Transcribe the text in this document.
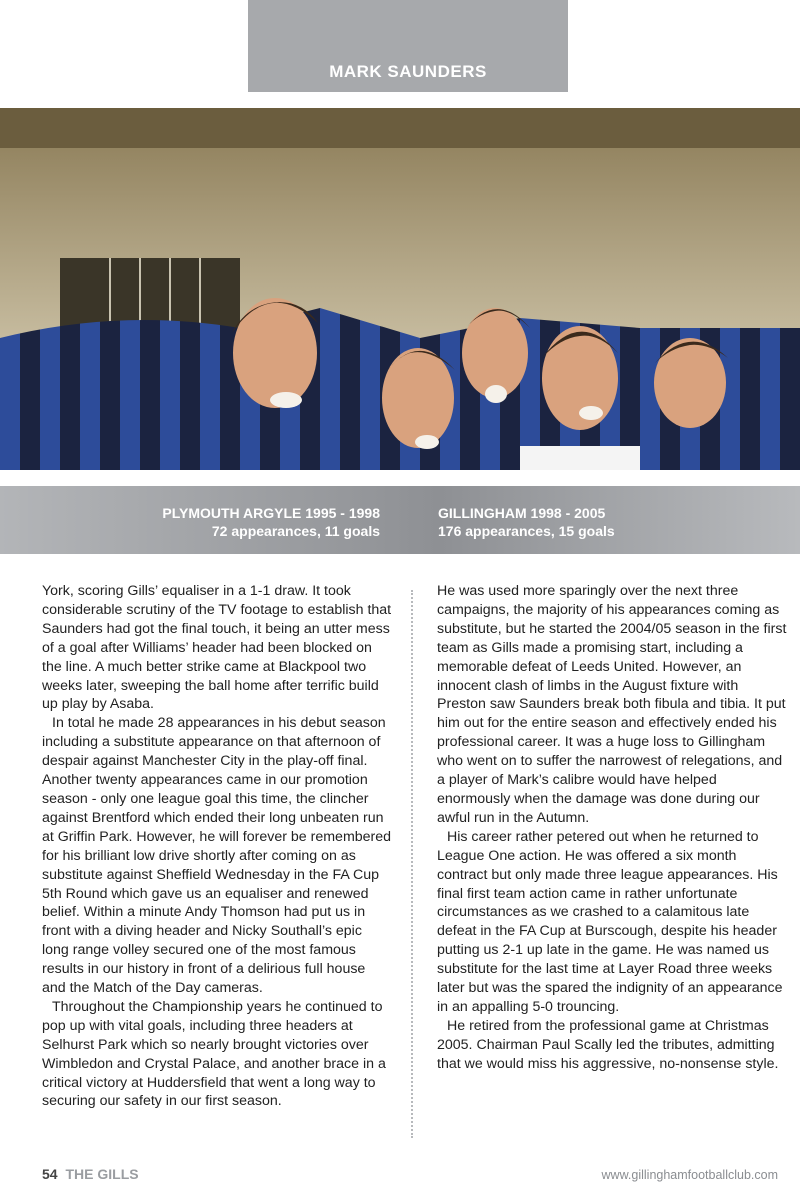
MARK SAUNDERS
PLYMOUTH ARGYLE 1995 - 1998
72 appearances, 11 goals
GILLINGHAM 1998 - 2005
176 appearances, 15 goals

York, scoring Gills’ equaliser in a 1-1 draw. It took considerable scrutiny of the TV footage to establish that Saunders had got the final touch, it being an utter mess of a goal after Williams’ header had been blocked on the line. A much better strike came at Blackpool two weeks later, sweeping the ball home after terrific build up play by Asaba.

In total he made 28 appearances in his debut season including a substitute appearance on that afternoon of despair against Manchester City in the play-off final. Another twenty appearances came in our promotion season - only one league goal this time, the clincher against Brentford which ended their long unbeaten run at Griffin Park. However, he will forever be remembered for his brilliant low drive shortly after coming on as substitute against Sheffield Wednesday in the FA Cup 5th Round which gave us an equaliser and renewed belief. Within a minute Andy Thomson had put us in front with a diving header and Nicky Southall’s epic long range volley secured one of the most famous results in our history in front of a delirious full house and the Match of the Day cameras.

Throughout the Championship years he continued to pop up with vital goals, including three headers at Selhurst Park which so nearly brought victories over Wimbledon and Crystal Palace, and another brace in a critical victory at Huddersfield that went a long way to securing our safety in our first season.

He was used more sparingly over the next three campaigns, the majority of his appearances coming as substitute, but he started the 2004/05 season in the first team as Gills made a promising start, including a memorable defeat of Leeds United. However, an innocent clash of limbs in the August fixture with Preston saw Saunders break both fibula and tibia. It put him out for the entire season and effectively ended his professional career. It was a huge loss to Gillingham who went on to suffer the narrowest of relegations, and a player of Mark’s calibre would have helped enormously when the damage was done during our awful run in the Autumn.

His career rather petered out when he returned to League One action. He was offered a six month contract but only made three league appearances. His final first team action came in rather unfortunate circumstances as we crashed to a calamitous late defeat in the FA Cup at Burscough, despite his header putting us 2-1 up late in the game. He was named us substitute for the last time at Layer Road three weeks later but was the spared the indignity of an appearance in an appalling 5-0 trouncing.

He retired from the professional game at Christmas 2005. Chairman Paul Scally led the tributes, admitting that we would miss his aggressive, no-nonsense style.

54 THE GILLS	www.gillinghamfootballclub.com
